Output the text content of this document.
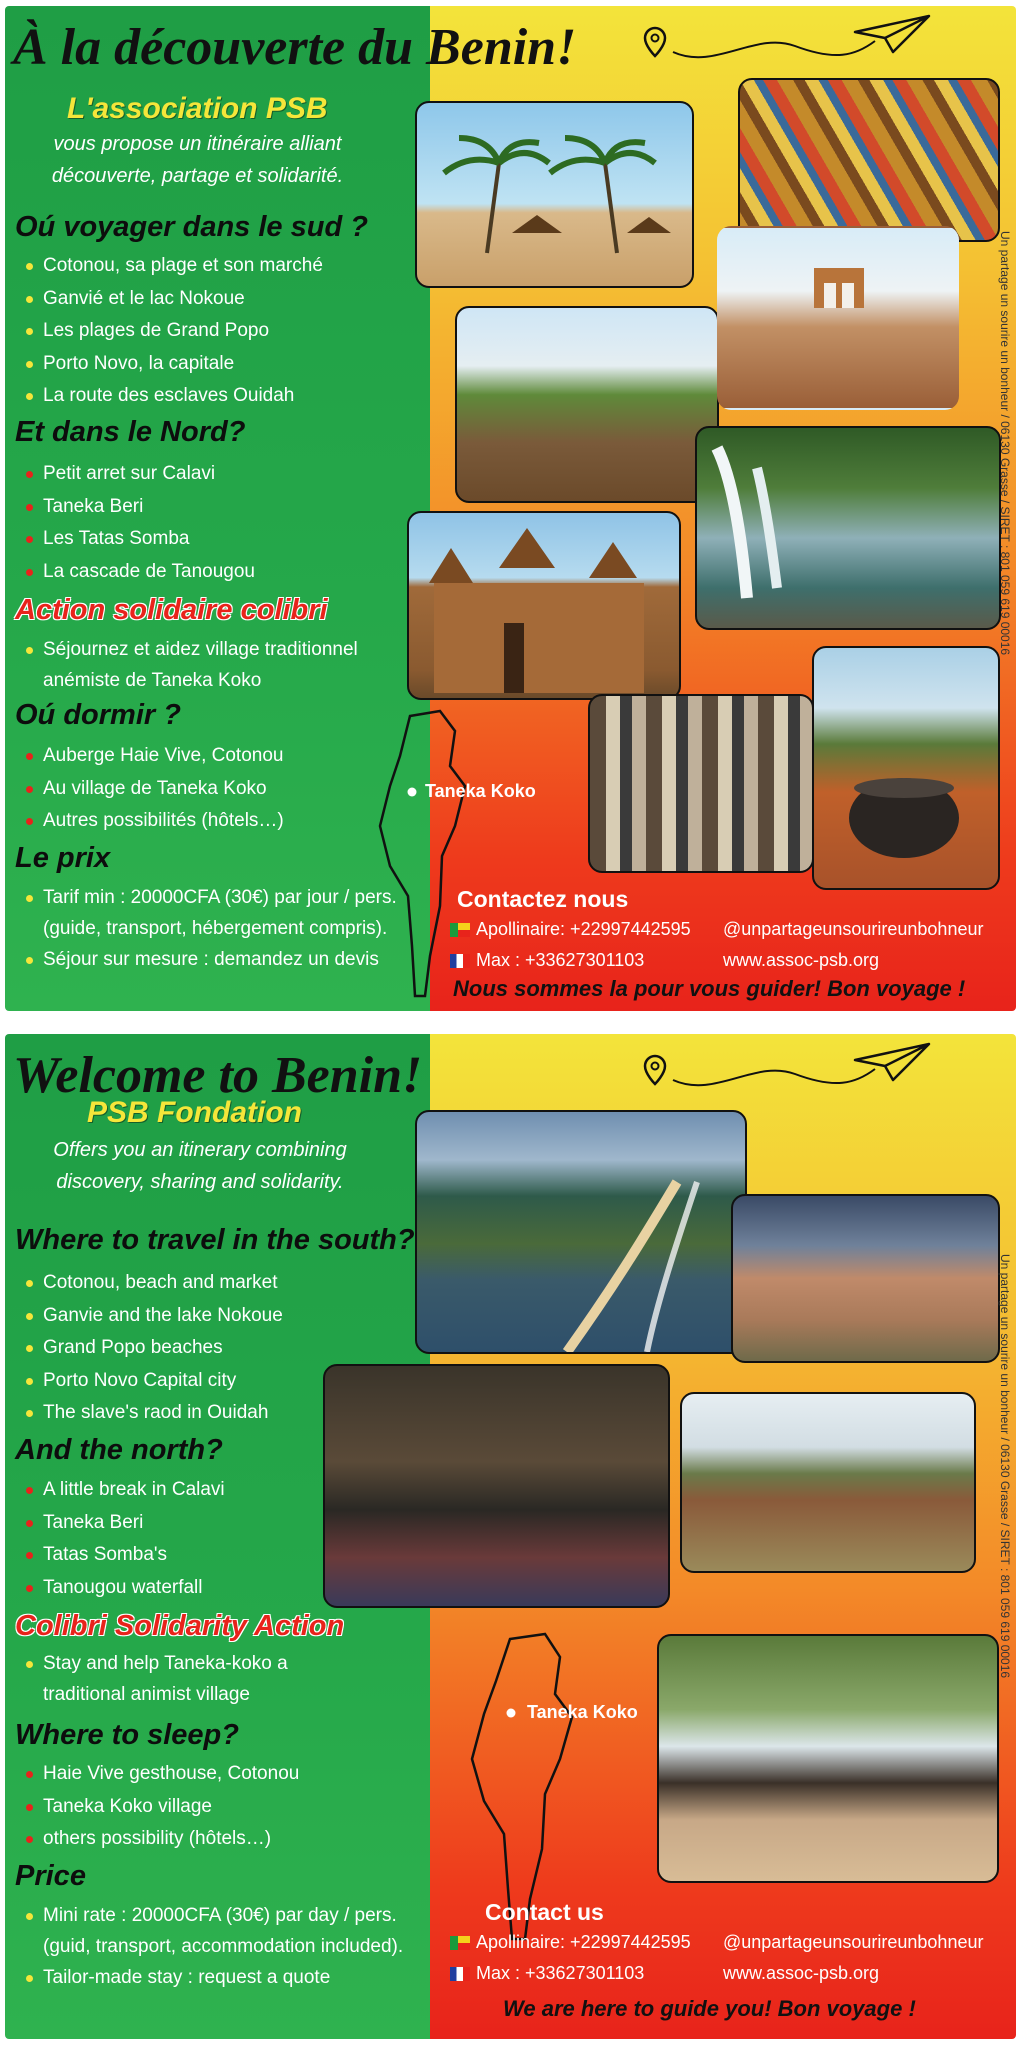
À la découverte du Benin!
L'association PSB
vous propose un itinéraire alliant découverte, partage et solidarité.
Oú voyager dans le sud ?
Cotonou, sa plage et son marché
Ganvié et le lac Nokoue
Les plages de Grand Popo
Porto Novo, la capitale
La route des esclaves Ouidah
Et dans le Nord?
Petit arret sur Calavi
Taneka Beri
Les Tatas Somba
La cascade de Tanougou
Action solidaire colibri
Séjournez et aidez village traditionnel anémiste de Taneka Koko
Oú dormir ?
Auberge Haie Vive, Cotonou
Au village de Taneka Koko
Autres possibilités (hôtels…)
Le prix
Tarif min : 20000CFA (30€) par jour / pers. (guide, transport, hébergement compris).
Séjour sur mesure : demandez un devis
Taneka Koko
Contactez nous
Apollinaire: +22997442595
Max : +33627301103
@unpartageunsourireunbohneur
www.assoc-psb.org
Nous sommes la pour vous guider! Bon voyage !
Un partage un sourire un bonheur / 06130 Grasse / SIRET : 801 059 619 00016
Welcome to Benin!
PSB Fondation
Offers you an itinerary combining discovery, sharing and solidarity.
Where to travel in the south?
Cotonou, beach and market
Ganvie and the lake Nokoue
Grand Popo beaches
Porto Novo Capital city
The slave's raod in Ouidah
And the north?
A little break in Calavi
Taneka Beri
Tatas Somba's
Tanougou waterfall
Colibri Solidarity Action
Stay and help Taneka-koko a traditional animist village
Where to sleep?
Haie Vive gesthouse, Cotonou
Taneka Koko village
others possibility (hôtels…)
Price
Mini rate : 20000CFA (30€) par day / pers. (guid, transport, accommodation included).
Tailor-made stay : request a quote
Taneka Koko
Contact us
Apollinaire: +22997442595
Max : +33627301103
@unpartageunsourireunbohneur
www.assoc-psb.org
We are here to guide you! Bon voyage !
Un partage un sourire un bonheur / 06130 Grasse / SIRET : 801 059 619 00016
